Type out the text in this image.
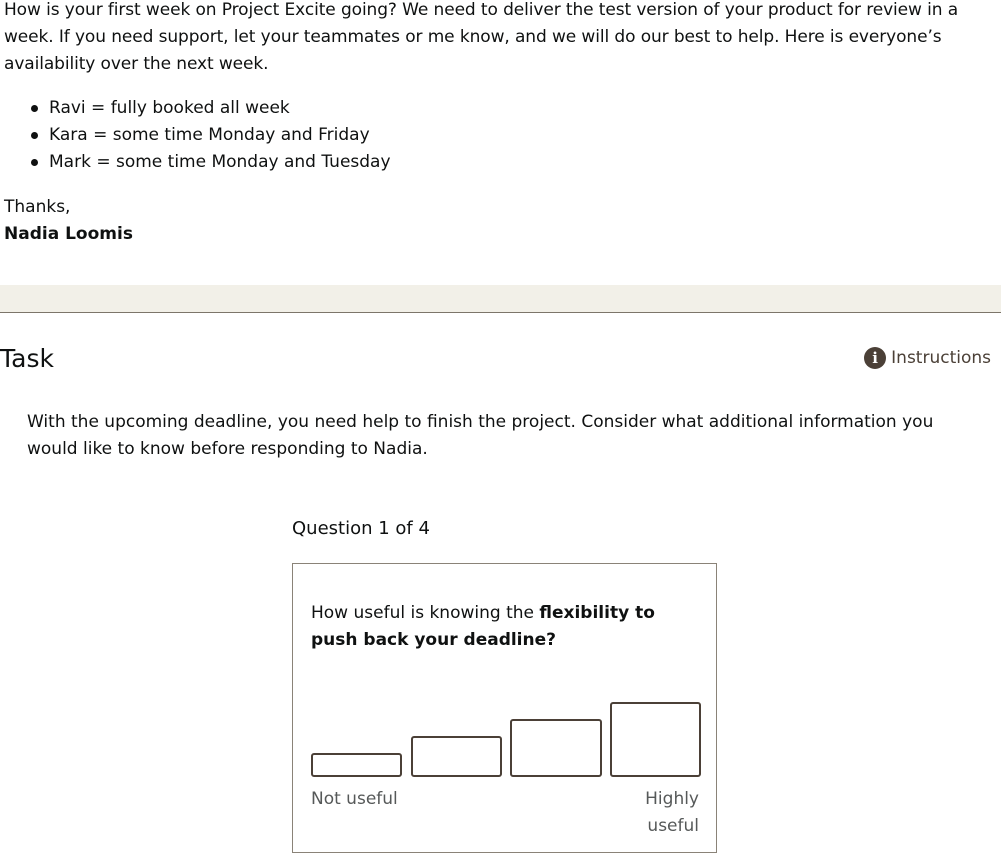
How is your first week on Project Excite going? We need to deliver the test version of your product for review in a week. If you need support, let your teammates or me know, and we will do our best to help. Here is everyone’s availability over the next week.

Ravi = fully booked all week
Kara = some time Monday and Friday
Mark = some time Monday and Tuesday
Thanks,
Nadia Loomis
Task	i Instructions

With the upcoming deadline, you need help to finish the project. Consider what additional information you would like to know before responding to Nadia.

Question 1 of 4

How useful is knowing the flexibility to push back your deadline?

Not useful	Highly useful
